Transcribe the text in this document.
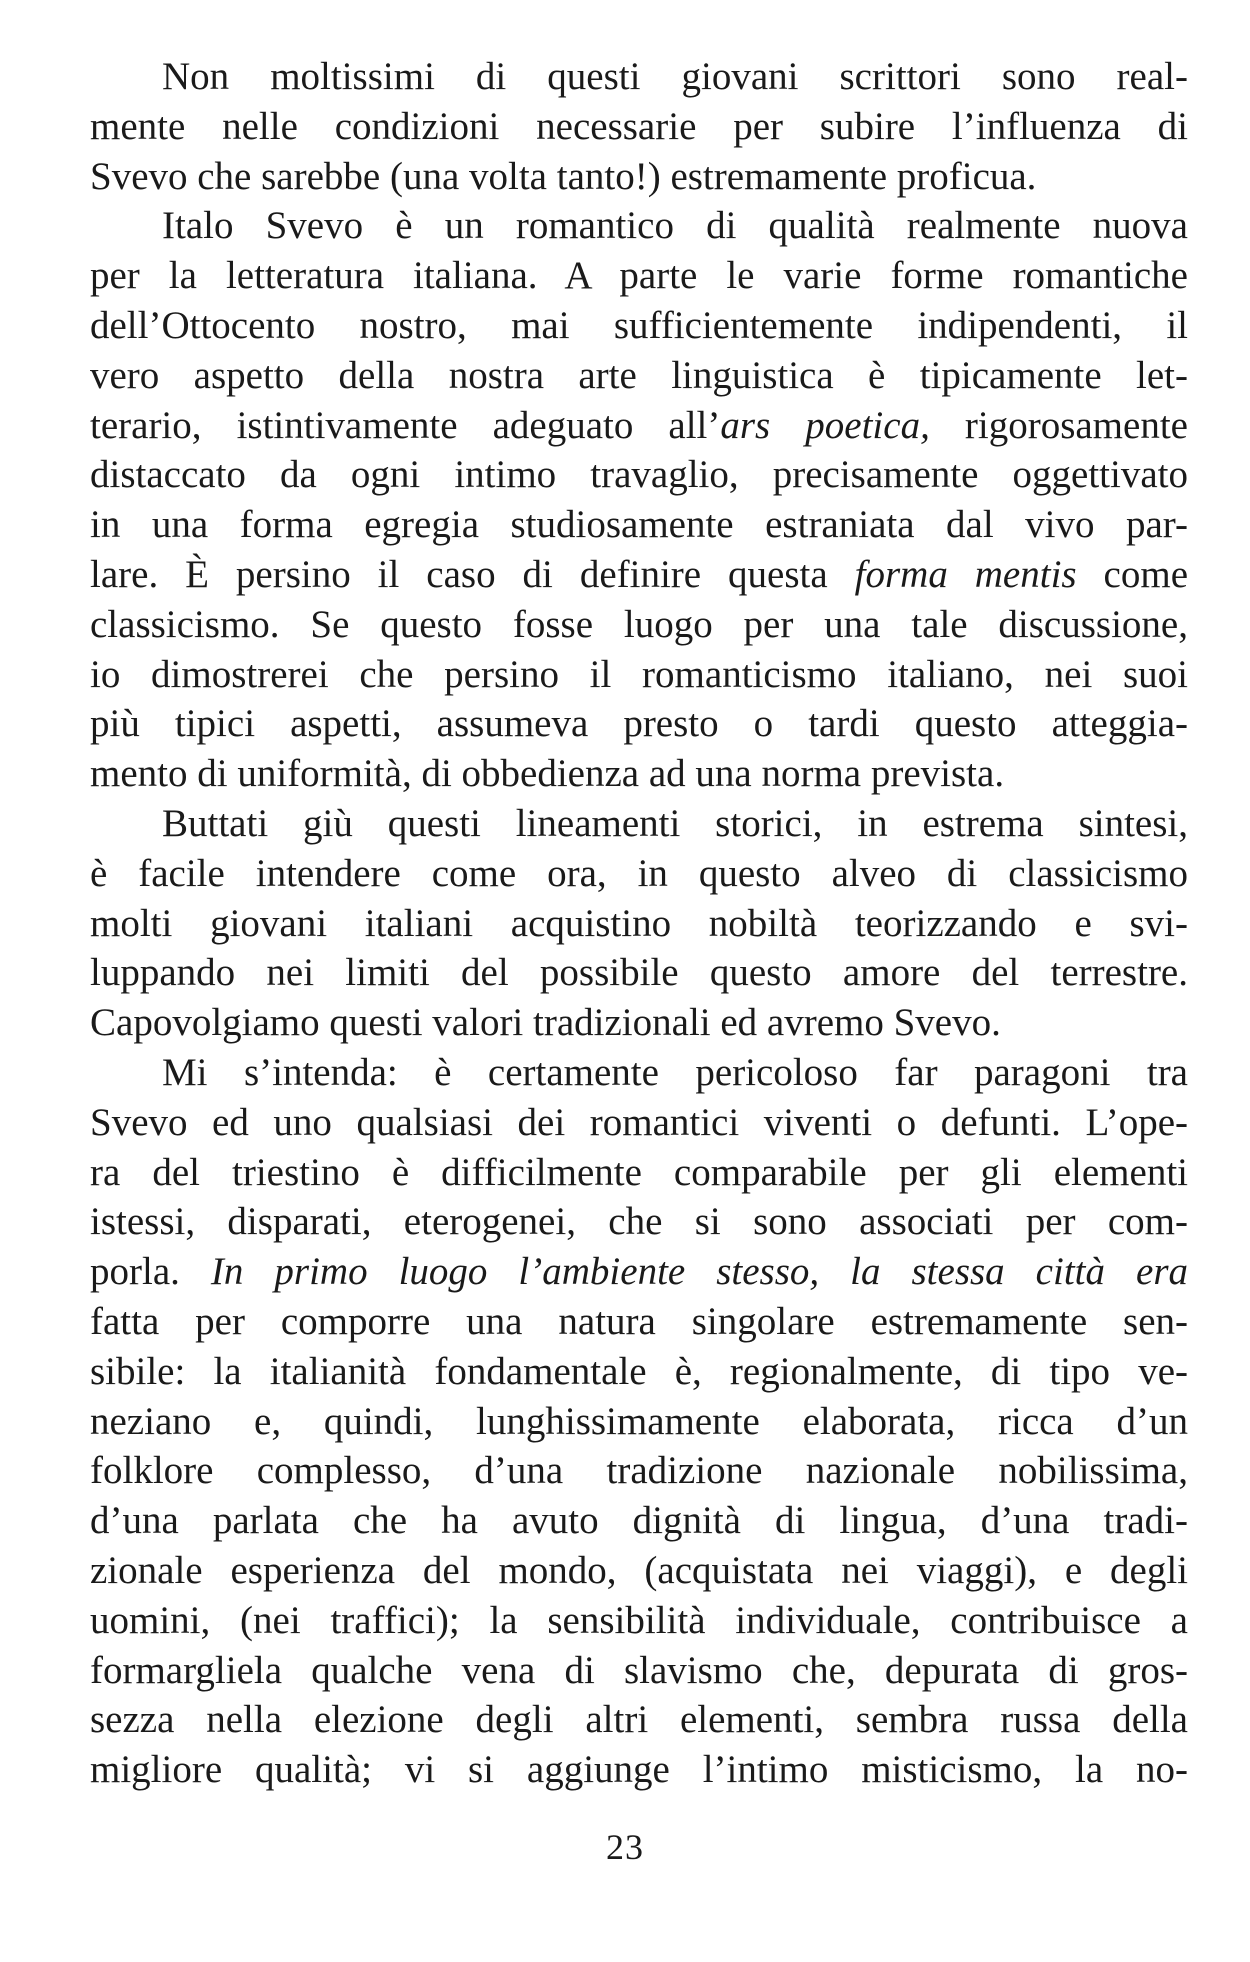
Non moltissimi di questi giovani scrittori sono real-
mente nelle condizioni necessarie per subire l’influenza di
Svevo che sarebbe (una volta tanto!) estremamente proficua.
Italo Svevo è un romantico di qualità realmente nuova
per la letteratura italiana. A parte le varie forme romantiche
dell’Ottocento nostro, mai sufficientemente indipendenti, il
vero aspetto della nostra arte linguistica è tipicamente let-
terario, istintivamente adeguato all’ars poetica, rigorosamente
distaccato da ogni intimo travaglio, precisamente oggettivato
in una forma egregia studiosamente estraniata dal vivo par-
lare. È persino il caso di definire questa forma mentis come
classicismo. Se questo fosse luogo per una tale discussione,
io dimostrerei che persino il romanticismo italiano, nei suoi
più tipici aspetti, assumeva presto o tardi questo atteggia-
mento di uniformità, di obbedienza ad una norma prevista.
Buttati giù questi lineamenti storici, in estrema sintesi,
è facile intendere come ora, in questo alveo di classicismo
molti giovani italiani acquistino nobiltà teorizzando e svi-
luppando nei limiti del possibile questo amore del terrestre.
Capovolgiamo questi valori tradizionali ed avremo Svevo.
Mi s’intenda: è certamente pericoloso far paragoni tra
Svevo ed uno qualsiasi dei romantici viventi o defunti. L’ope-
ra del triestino è difficilmente comparabile per gli elementi
istessi, disparati, eterogenei, che si sono associati per com-
porla. In primo luogo l’ambiente stesso, la stessa città era
fatta per comporre una natura singolare estremamente sen-
sibile: la italianità fondamentale è, regionalmente, di tipo ve-
neziano e, quindi, lunghissimamente elaborata, ricca d’un
folklore complesso, d’una tradizione nazionale nobilissima,
d’una parlata che ha avuto dignità di lingua, d’una tradi-
zionale esperienza del mondo, (acquistata nei viaggi), e degli
uomini, (nei traffici); la sensibilità individuale, contribuisce a
formargliela qualche vena di slavismo che, depurata di gros-
sezza nella elezione degli altri elementi, sembra russa della
migliore qualità; vi si aggiunge l’intimo misticismo, la no-
23
